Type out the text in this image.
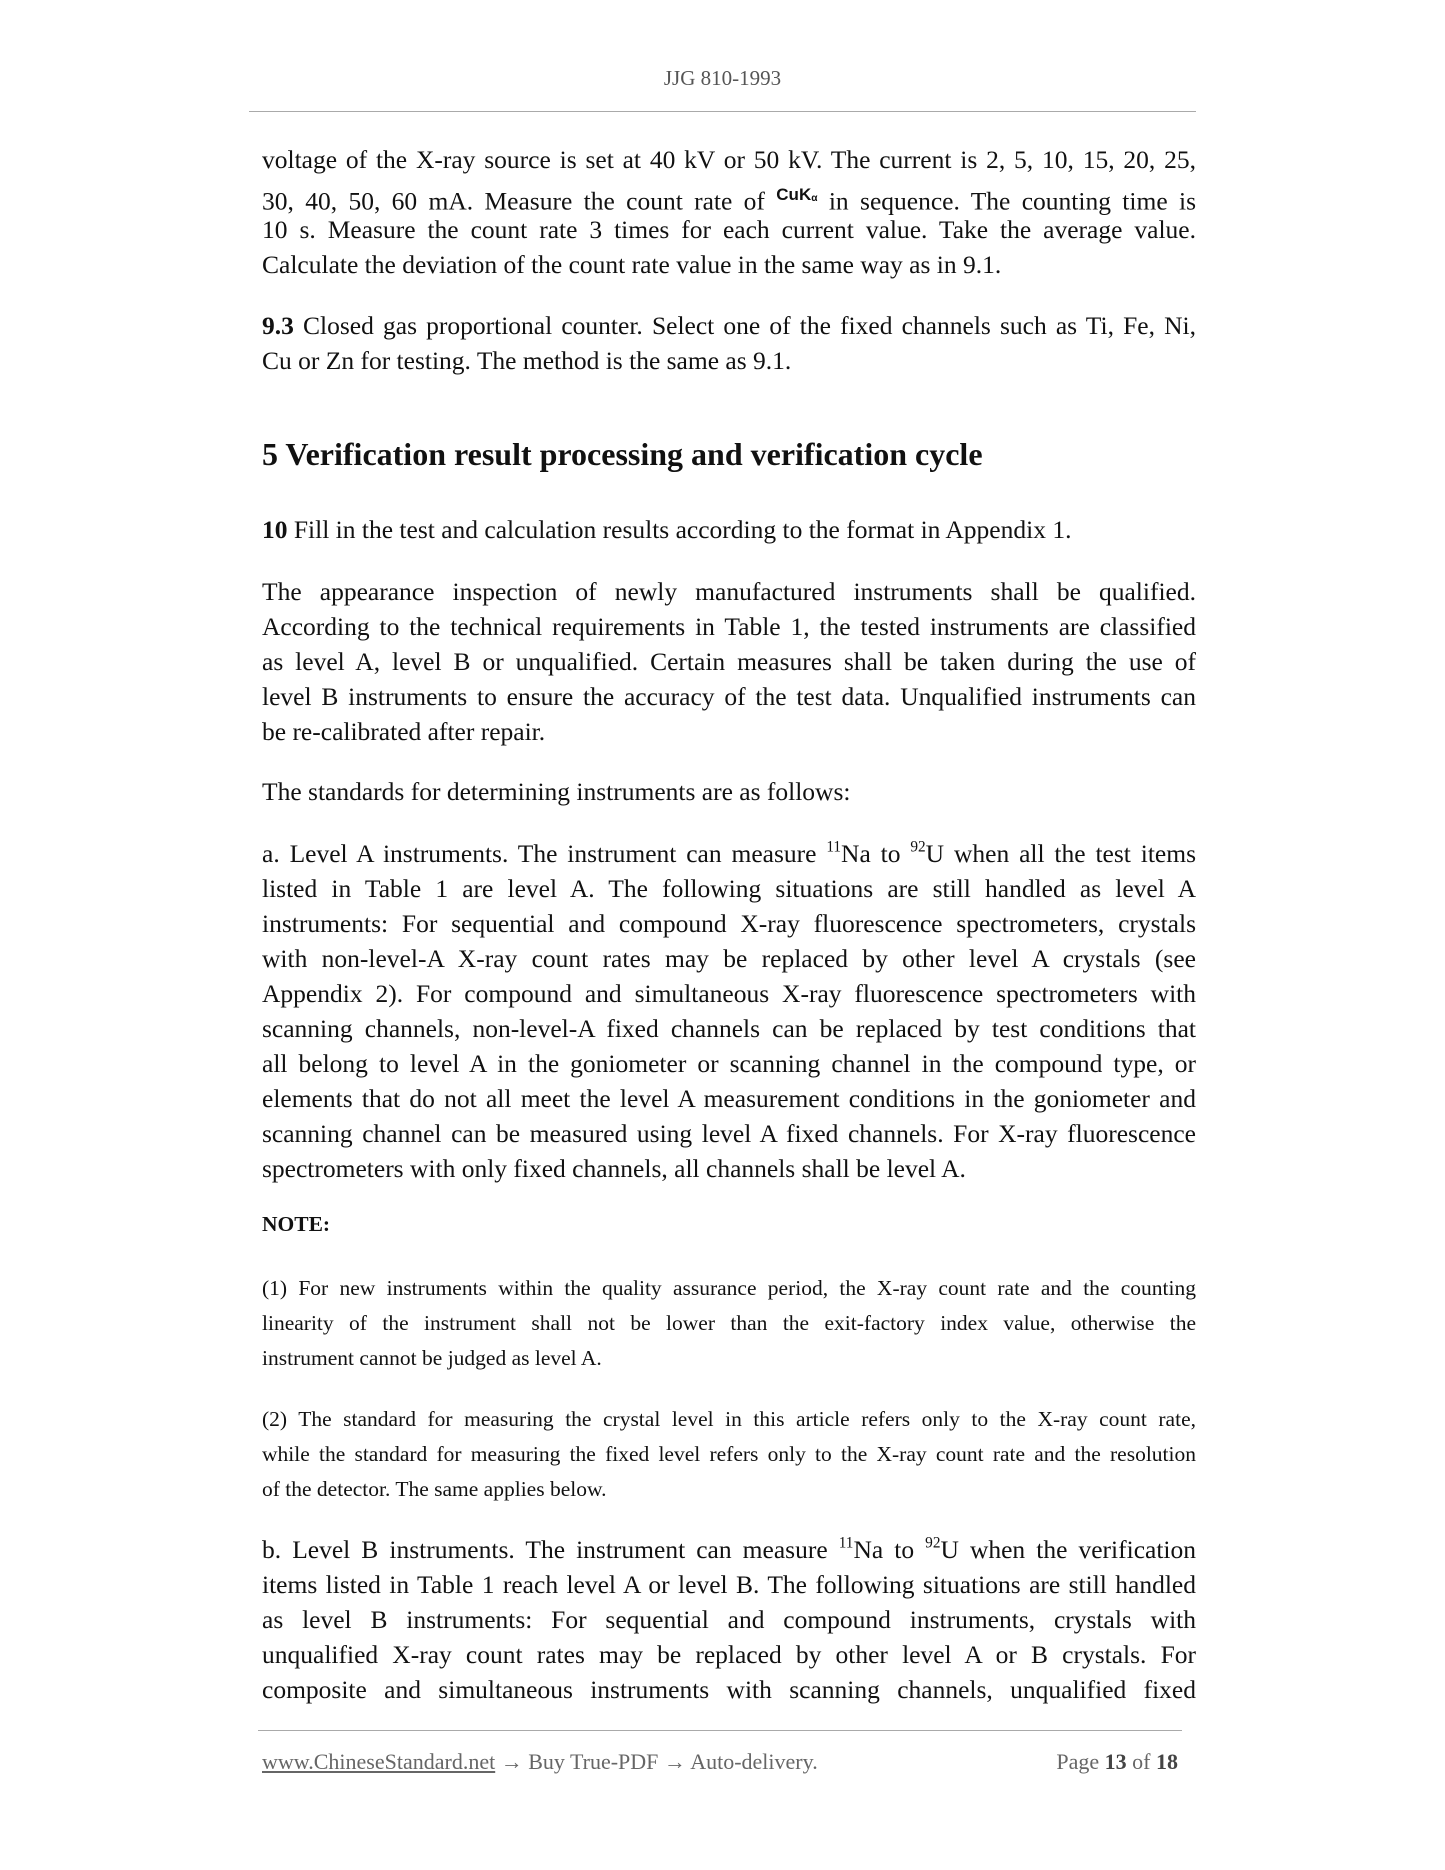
JJG 810-1993
voltage of the X-ray source is set at 40 kV or 50 kV. The current is 2, 5, 10, 15, 20, 25,
30, 40, 50, 60 mA. Measure the count rate of $^{CuK_\alpha}$ in sequence. The counting time is
10 s. Measure the count rate 3 times for each current value. Take the average value.
Calculate the deviation of the count rate value in the same way as in 9.1.
9.3 Closed gas proportional counter. Select one of the fixed channels such as Ti, Fe, Ni,
Cu or Zn for testing. The method is the same as 9.1.
5 Verification result processing and verification cycle
10 Fill in the test and calculation results according to the format in Appendix 1.
The appearance inspection of newly manufactured instruments shall be qualified.
According to the technical requirements in Table 1, the tested instruments are classified
as level A, level B or unqualified. Certain measures shall be taken during the use of
level B instruments to ensure the accuracy of the test data. Unqualified instruments can
be re-calibrated after repair.
The standards for determining instruments are as follows:
a. Level A instruments. The instrument can measure $^{11}$Na to $^{92}$U when all the test items
listed in Table 1 are level A. The following situations are still handled as level A
instruments: For sequential and compound X-ray fluorescence spectrometers, crystals
with non-level-A X-ray count rates may be replaced by other level A crystals (see
Appendix 2). For compound and simultaneous X-ray fluorescence spectrometers with
scanning channels, non-level-A fixed channels can be replaced by test conditions that
all belong to level A in the goniometer or scanning channel in the compound type, or
elements that do not all meet the level A measurement conditions in the goniometer and
scanning channel can be measured using level A fixed channels. For X-ray fluorescence
spectrometers with only fixed channels, all channels shall be level A.
NOTE:
(1) For new instruments within the quality assurance period, the X-ray count rate and the counting
linearity of the instrument shall not be lower than the exit-factory index value, otherwise the
instrument cannot be judged as level A.
(2) The standard for measuring the crystal level in this article refers only to the X-ray count rate,
while the standard for measuring the fixed level refers only to the X-ray count rate and the resolution
of the detector. The same applies below.
b. Level B instruments. The instrument can measure $^{11}$Na to $^{92}$U when the verification
items listed in Table 1 reach level A or level B. The following situations are still handled
as level B instruments: For sequential and compound instruments, crystals with
unqualified X-ray count rates may be replaced by other level A or B crystals. For
composite and simultaneous instruments with scanning channels, unqualified fixed
www.ChineseStandard.net → Buy True-PDF → Auto-delivery.	Page 13 of 18
